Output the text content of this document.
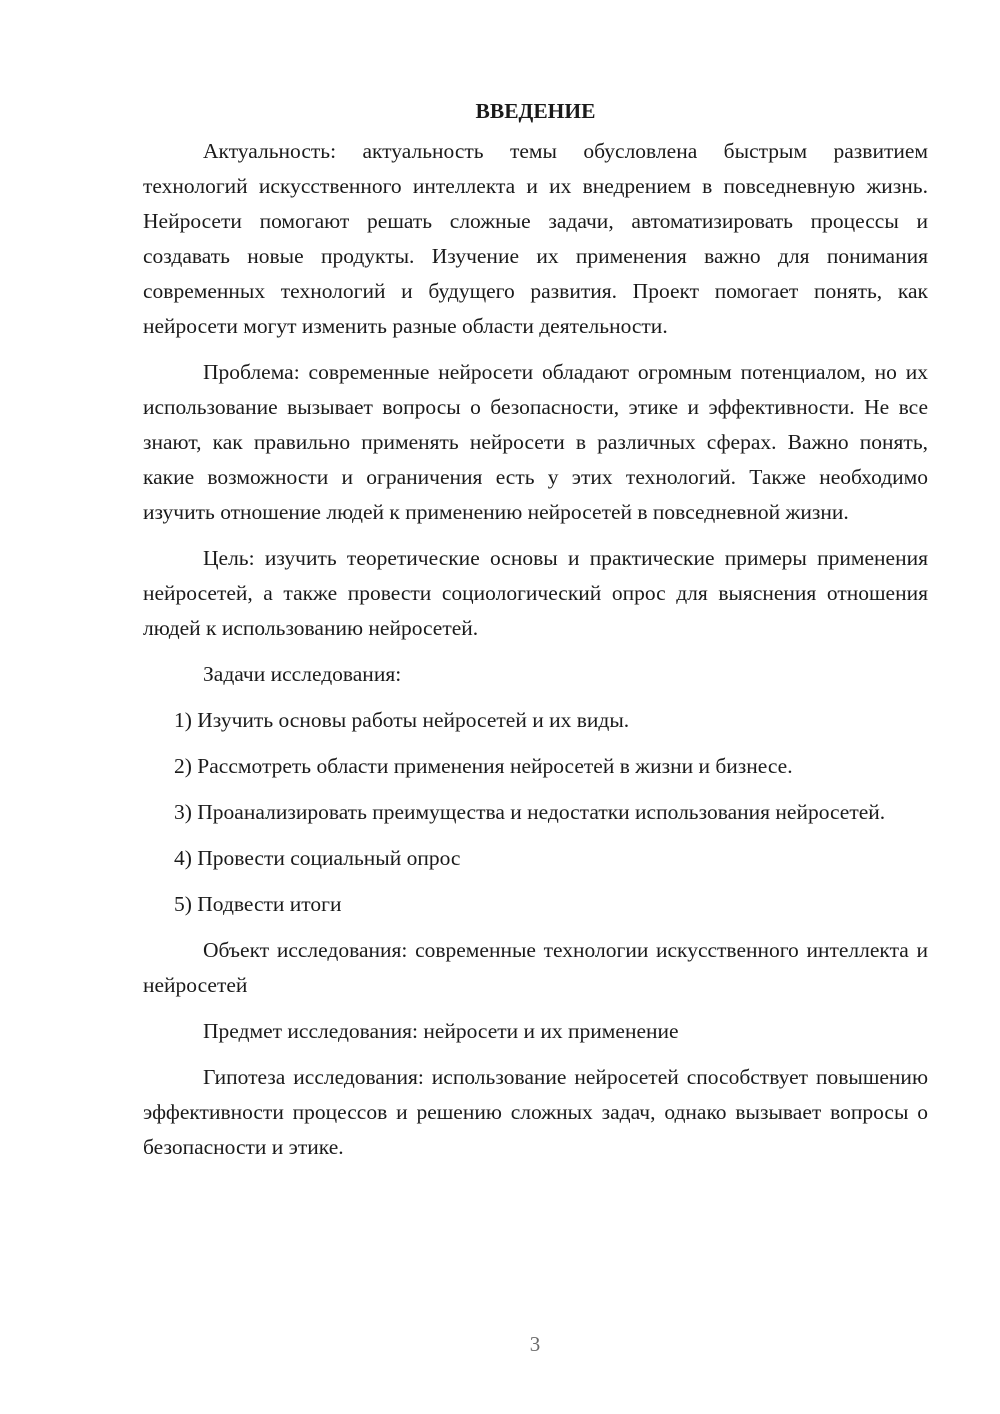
ВВЕДЕНИЕ

Актуальность: актуальность темы обусловлена быстрым развитием технологий искусственного интеллекта и их внедрением в повседневную жизнь. Нейросети помогают решать сложные задачи, автоматизировать процессы и создавать новые продукты. Изучение их применения важно для понимания современных технологий и будущего развития. Проект помогает понять, как нейросети могут изменить разные области деятельности.

Проблема: современные нейросети обладают огромным потенциалом, но их использование вызывает вопросы о безопасности, этике и эффективности. Не все знают, как правильно применять нейросети в различных сферах. Важно понять, какие возможности и ограничения есть у этих технологий. Также необходимо изучить отношение людей к применению нейросетей в повседневной жизни.

Цель: изучить теоретические основы и практические примеры применения нейросетей, а также провести социологический опрос для выяснения отношения людей к использованию нейросетей.

Задачи исследования:

1) Изучить основы работы нейросетей и их виды.

2) Рассмотреть области применения нейросетей в жизни и бизнесе.

3) Проанализировать преимущества и недостатки использования нейросетей.

4) Провести социальный опрос

5) Подвести итоги

Объект исследования: современные технологии искусственного интеллекта и нейросетей

Предмет исследования: нейросети и их применение

Гипотеза исследования: использование нейросетей способствует повышению эффективности процессов и решению сложных задач, однако вызывает вопросы о безопасности и этике.

3
